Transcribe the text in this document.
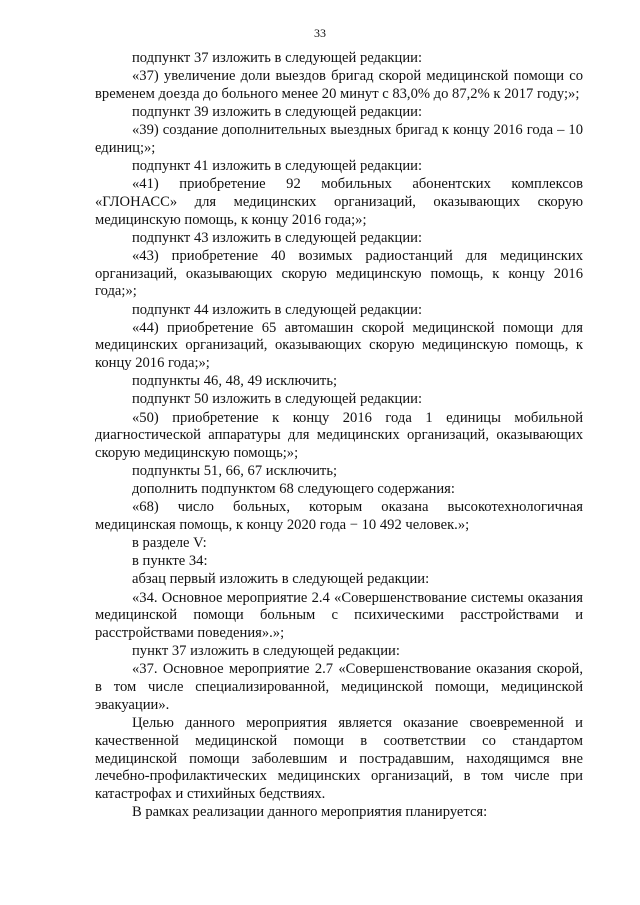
33

подпункт 37 изложить в следующей редакции:

«37) увеличение доли выездов бригад скорой медицинской помощи со временем доезда до больного менее 20 минут с 83,0% до 87,2% к 2017 году;»;

подпункт 39 изложить в следующей редакции:

«39) создание дополнительных выездных бригад к концу 2016 года – 10 единиц;»;

подпункт 41 изложить в следующей редакции:

«41) приобретение 92 мобильных абонентских комплексов «ГЛОНАСС» для медицинских организаций, оказывающих скорую медицинскую помощь, к концу 2016 года;»;

подпункт 43 изложить в следующей редакции:

«43) приобретение 40 возимых радиостанций для медицинских организаций, оказывающих скорую медицинскую помощь, к концу 2016 года;»;

подпункт 44 изложить в следующей редакции:

«44) приобретение 65 автомашин скорой медицинской помощи для медицинских организаций, оказывающих скорую медицинскую помощь, к концу 2016 года;»;

подпункты 46, 48, 49 исключить;

подпункт 50 изложить в следующей редакции:

«50) приобретение к концу 2016 года 1 единицы мобильной диагностической аппаратуры для медицинских организаций, оказывающих скорую медицинскую помощь;»;

подпункты 51, 66, 67 исключить;

дополнить подпунктом 68 следующего содержания:

«68) число больных, которым оказана высокотехнологичная медицинская помощь, к концу 2020 года − 10 492 человек.»;

в разделе V:

в пункте 34:

абзац первый изложить в следующей редакции:

«34. Основное мероприятие 2.4 «Совершенствование системы оказания медицинской помощи больным с психическими расстройствами и расстройствами поведения».»;

пункт 37 изложить в следующей редакции:

«37. Основное мероприятие 2.7 «Совершенствование оказания скорой, в том числе специализированной, медицинской помощи, медицинской эвакуации».

Целью данного мероприятия является оказание своевременной и качественной медицинской помощи в соответствии со стандартом медицинской помощи заболевшим и пострадавшим, находящимся вне лечебно-профилактических медицинских организаций, в том числе при катастрофах и стихийных бедствиях.

В рамках реализации данного мероприятия планируется:
